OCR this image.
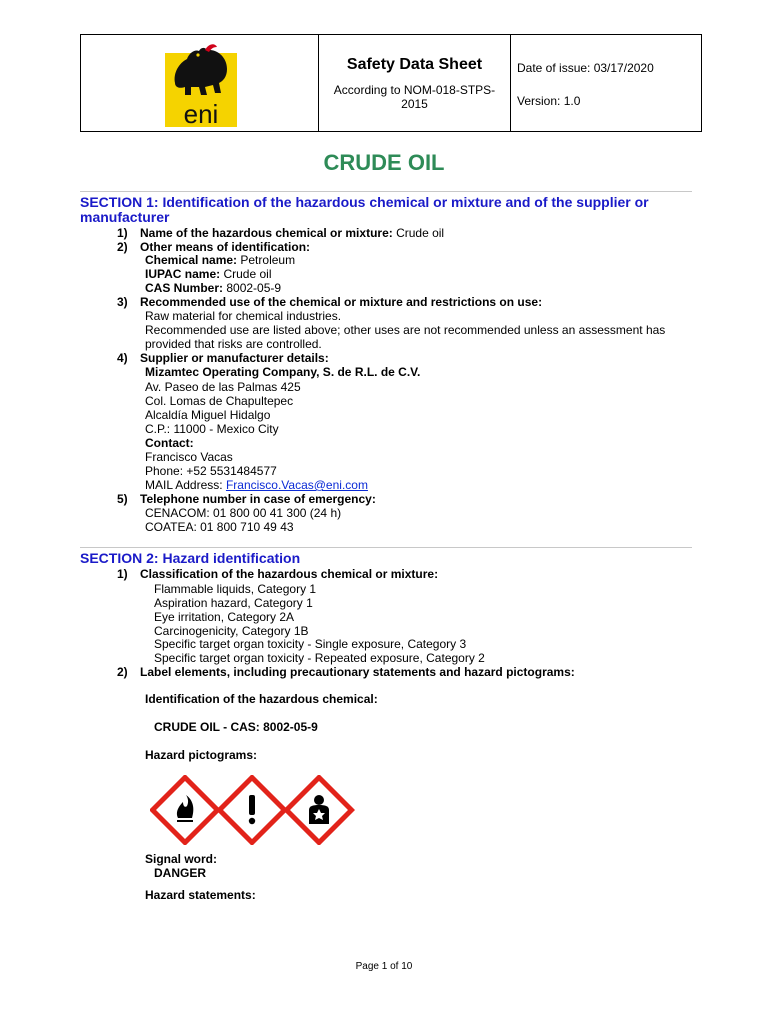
eni
Safety Data Sheet
According to NOM-018-STPS-
2015
Date of issue: 03/17/2020
Version: 1.0
CRUDE OIL
SECTION 1: Identification of the hazardous chemical or mixture and of the supplier or
manufacturer
1) Name of the hazardous chemical or mixture: Crude oil
2) Other means of identification:
Chemical name: Petroleum
IUPAC name: Crude oil
CAS Number: 8002-05-9
3) Recommended use of the chemical or mixture and restrictions on use:
Raw material for chemical industries.
Recommended use are listed above; other uses are not recommended unless an assessment has
provided that risks are controlled.
4) Supplier or manufacturer details:
Mizamtec Operating Company, S. de R.L. de C.V.
Av. Paseo de las Palmas 425
Col. Lomas de Chapultepec
Alcaldía Miguel Hidalgo
C.P.: 11000 - Mexico City
Contact:
Francisco Vacas
Phone: +52 5531484577
MAIL Address: Francisco.Vacas@eni.com
5) Telephone number in case of emergency:
CENACOM: 01 800 00 41 300 (24 h)
COATEA: 01 800 710 49 43
SECTION 2: Hazard identification
1) Classification of the hazardous chemical or mixture:
Flammable liquids, Category 1
Aspiration hazard, Category 1
Eye irritation, Category 2A
Carcinogenicity, Category 1B
Specific target organ toxicity - Single exposure, Category 3
Specific target organ toxicity - Repeated exposure, Category 2
2) Label elements, including precautionary statements and hazard pictograms:
Identification of the hazardous chemical:
CRUDE OIL - CAS: 8002-05-9
Hazard pictograms:
Signal word:
DANGER
Hazard statements:
Page 1 of 10
